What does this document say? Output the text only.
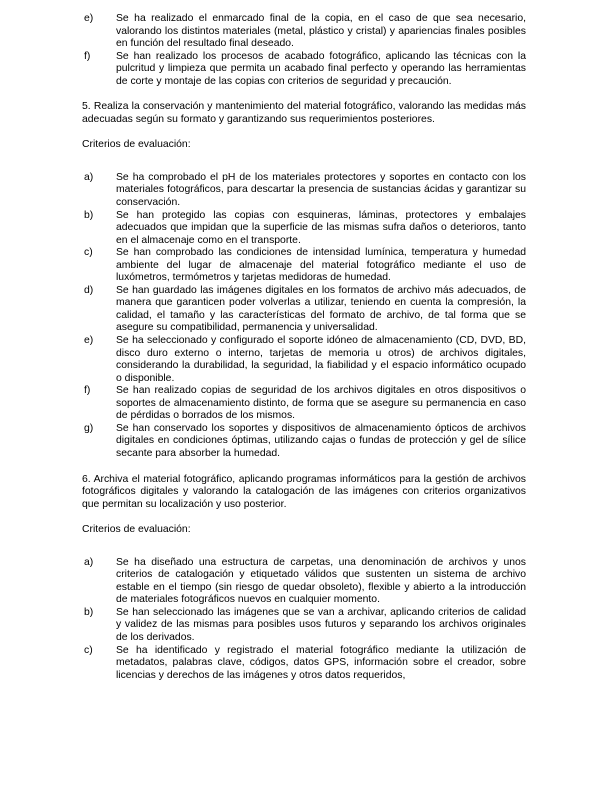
e) Se ha realizado el enmarcado final de la copia, en el caso de que sea necesario, valorando los distintos materiales (metal, plástico y cristal) y apariencias finales posibles en función del resultado final deseado.
f) Se han realizado los procesos de acabado fotográfico, aplicando las técnicas con la pulcritud y limpieza que permita un acabado final perfecto y operando las herramientas de corte y montaje de las copias con criterios de seguridad y precaución.

5. Realiza la conservación y mantenimiento del material fotográfico, valorando las medidas más adecuadas según su formato y garantizando sus requerimientos posteriores.

Criterios de evaluación:

a) Se ha comprobado el pH de los materiales protectores y soportes en contacto con los materiales fotográficos, para descartar la presencia de sustancias ácidas y garantizar su conservación.
b) Se han protegido las copias con esquineras, láminas, protectores y embalajes adecuados que impidan que la superficie de las mismas sufra daños o deterioros, tanto en el almacenaje como en el transporte.
c) Se han comprobado las condiciones de intensidad lumínica, temperatura y humedad ambiente del lugar de almacenaje del material fotográfico mediante el uso de luxómetros, termómetros y tarjetas medidoras de humedad.
d) Se han guardado las imágenes digitales en los formatos de archivo más adecuados, de manera que garanticen poder volverlas a utilizar, teniendo en cuenta la compresión, la calidad, el tamaño y las características del formato de archivo, de tal forma que se asegure su compatibilidad, permanencia y universalidad.
e) Se ha seleccionado y configurado el soporte idóneo de almacenamiento (CD, DVD, BD, disco duro externo o interno, tarjetas de memoria u otros) de archivos digitales, considerando la durabilidad, la seguridad, la fiabilidad y el espacio informático ocupado o disponible.
f) Se han realizado copias de seguridad de los archivos digitales en otros dispositivos o soportes de almacenamiento distinto, de forma que se asegure su permanencia en caso de pérdidas o borrados de los mismos.
g) Se han conservado los soportes y dispositivos de almacenamiento ópticos de archivos digitales en condiciones óptimas, utilizando cajas o fundas de protección y gel de sílice secante para absorber la humedad.

6. Archiva el material fotográfico, aplicando programas informáticos para la gestión de archivos fotográficos digitales y valorando la catalogación de las imágenes con criterios organizativos que permitan su localización y uso posterior.

Criterios de evaluación:

a) Se ha diseñado una estructura de carpetas, una denominación de archivos y unos criterios de catalogación y etiquetado válidos que sustenten un sistema de archivo estable en el tiempo (sin riesgo de quedar obsoleto), flexible y abierto a la introducción de materiales fotográficos nuevos en cualquier momento.
b) Se han seleccionado las imágenes que se van a archivar, aplicando criterios de calidad y validez de las mismas para posibles usos futuros y separando los archivos originales de los derivados.
c) Se ha identificado y registrado el material fotográfico mediante la utilización de metadatos, palabras clave, códigos, datos GPS, información sobre el creador, sobre licencias y derechos de las imágenes y otros datos requeridos,
